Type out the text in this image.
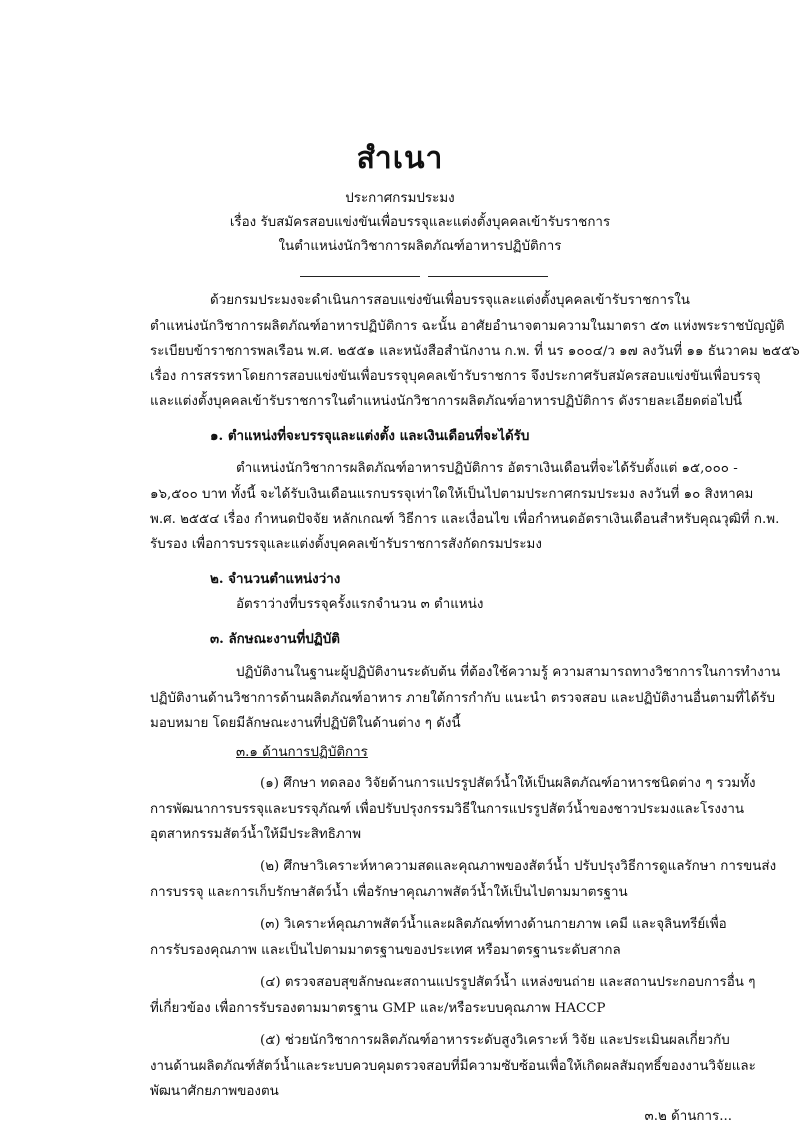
สำเนา
ประกาศกรมประมง
เรื่อง รับสมัครสอบแข่งขันเพื่อบรรจุและแต่งตั้งบุคคลเข้ารับราชการ
ในตำแหน่งนักวิชาการผลิตภัณฑ์อาหารปฏิบัติการ
ด้วยกรมประมงจะดำเนินการสอบแข่งขันเพื่อบรรจุและแต่งตั้งบุคคลเข้ารับราชการใน
ตำแหน่งนักวิชาการผลิตภัณฑ์อาหารปฏิบัติการ ฉะนั้น อาศัยอำนาจตามความในมาตรา ๕๓ แห่งพระราชบัญญัติ
ระเบียบข้าราชการพลเรือน พ.ศ. ๒๕๕๑ และหนังสือสำนักงาน ก.พ. ที่ นร ๑๐๐๔/ว ๑๗ ลงวันที่ ๑๑ ธันวาคม ๒๕๕๖
เรื่อง การสรรหาโดยการสอบแข่งขันเพื่อบรรจุบุคคลเข้ารับราชการ จึงประกาศรับสมัครสอบแข่งขันเพื่อบรรจุ
และแต่งตั้งบุคคลเข้ารับราชการในตำแหน่งนักวิชาการผลิตภัณฑ์อาหารปฏิบัติการ ดังรายละเอียดต่อไปนี้
๑. ตำแหน่งที่จะบรรจุและแต่งตั้ง และเงินเดือนที่จะได้รับ
ตำแหน่งนักวิชาการผลิตภัณฑ์อาหารปฏิบัติการ อัตราเงินเดือนที่จะได้รับตั้งแต่ ๑๕,๐๐๐ -
๑๖,๕๐๐ บาท ทั้งนี้ จะได้รับเงินเดือนแรกบรรจุเท่าใดให้เป็นไปตามประกาศกรมประมง ลงวันที่ ๑๐ สิงหาคม
พ.ศ. ๒๕๕๔ เรื่อง กำหนดปัจจัย หลักเกณฑ์ วิธีการ และเงื่อนไข เพื่อกำหนดอัตราเงินเดือนสำหรับคุณวุฒิที่ ก.พ.
รับรอง เพื่อการบรรจุและแต่งตั้งบุคคลเข้ารับราชการสังกัดกรมประมง
๒. จำนวนตำแหน่งว่าง
อัตราว่างที่บรรจุครั้งแรกจำนวน ๓ ตำแหน่ง
๓. ลักษณะงานที่ปฏิบัติ
ปฏิบัติงานในฐานะผู้ปฏิบัติงานระดับต้น ที่ต้องใช้ความรู้ ความสามารถทางวิชาการในการทำงาน
ปฏิบัติงานด้านวิชาการด้านผลิตภัณฑ์อาหาร ภายใต้การกำกับ แนะนำ ตรวจสอบ และปฏิบัติงานอื่นตามที่ได้รับ
มอบหมาย โดยมีลักษณะงานที่ปฏิบัติในด้านต่าง ๆ ดังนี้
๓.๑ ด้านการปฏิบัติการ
(๑) ศึกษา ทดลอง วิจัยด้านการแปรรูปสัตว์น้ำให้เป็นผลิตภัณฑ์อาหารชนิดต่าง ๆ รวมทั้ง
การพัฒนาการบรรจุและบรรจุภัณฑ์ เพื่อปรับปรุงกรรมวิธีในการแปรรูปสัตว์น้ำของชาวประมงและโรงงาน
อุตสาหกรรมสัตว์น้ำให้มีประสิทธิภาพ
(๒) ศึกษาวิเคราะห์หาความสดและคุณภาพของสัตว์น้ำ ปรับปรุงวิธีการดูแลรักษา การขนส่ง
การบรรจุ และการเก็บรักษาสัตว์น้ำ เพื่อรักษาคุณภาพสัตว์น้ำให้เป็นไปตามมาตรฐาน
(๓) วิเคราะห์คุณภาพสัตว์น้ำและผลิตภัณฑ์ทางด้านกายภาพ เคมี และจุลินทรีย์เพื่อ
การรับรองคุณภาพ และเป็นไปตามมาตรฐานของประเทศ หรือมาตรฐานระดับสากล
(๔) ตรวจสอบสุขลักษณะสถานแปรรูปสัตว์น้ำ แหล่งขนถ่าย และสถานประกอบการอื่น ๆ
ที่เกี่ยวข้อง เพื่อการรับรองตามมาตรฐาน GMP และ/หรือระบบคุณภาพ HACCP
(๕) ช่วยนักวิชาการผลิตภัณฑ์อาหารระดับสูงวิเคราะห์ วิจัย และประเมินผลเกี่ยวกับ
งานด้านผลิตภัณฑ์สัตว์น้ำและระบบควบคุมตรวจสอบที่มีความซับซ้อนเพื่อให้เกิดผลสัมฤทธิ์ของงานวิจัยและ
พัฒนาศักยภาพของตน
๓.๒ ด้านการ...
